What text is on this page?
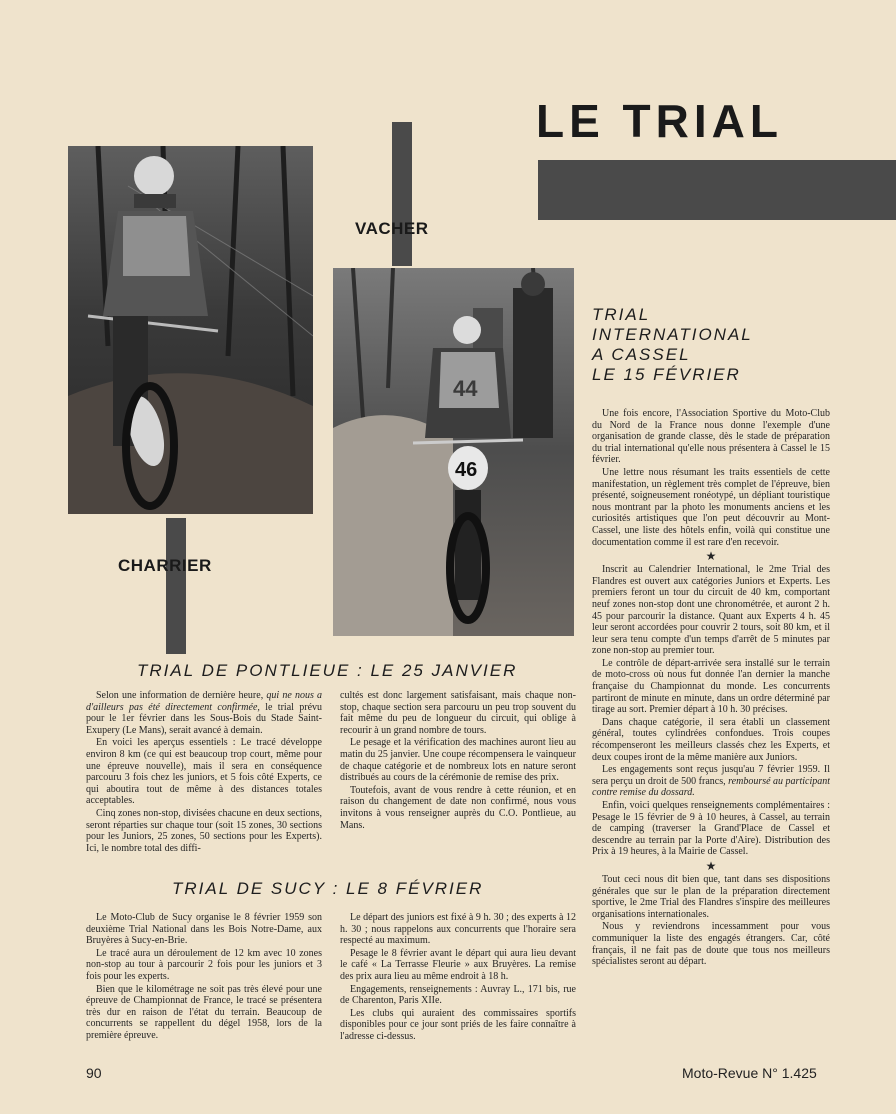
LE TRIAL
CHARRIER
VACHER
44
46
TRIAL
INTERNATIONAL
A CASSEL
LE 15 FÉVRIER

Une fois encore, l'Association Sportive du Moto-Club du Nord de la France nous donne l'exemple d'une organisation de grande classe, dès le stade de préparation du trial international qu'elle nous présentera à Cassel le 15 février.

Une lettre nous résumant les traits essentiels de cette manifestation, un règlement très complet de l'épreuve, bien présenté, soigneusement ronéotypé, un dépliant touristique nous montrant par la photo les monuments anciens et les curiosités artistiques que l'on peut découvrir au Mont-Cassel, une liste des hôtels enfin, voilà qui constitue une documentation comme il est rare d'en recevoir.

★

Inscrit au Calendrier International, le 2me Trial des Flandres est ouvert aux catégories Juniors et Experts. Les premiers feront un tour du circuit de 40 km, comportant neuf zones non-stop dont une chronométrée, et auront 2 h. 45 pour parcourir la distance. Quant aux Experts 4 h. 45 leur seront accordées pour couvrir 2 tours, soit 80 km, et il leur sera tenu compte d'un temps d'arrêt de 5 minutes par zone non-stop au premier tour.

Le contrôle de départ-arrivée sera installé sur le terrain de moto-cross où nous fut donnée l'an dernier la manche française du Championnat du monde. Les concurrents partiront de minute en minute, dans un ordre déterminé par tirage au sort. Premier départ à 10 h. 30 précises.

Dans chaque catégorie, il sera établi un classement général, toutes cylindrées confondues. Trois coupes récompenseront les meilleurs classés chez les Experts, et deux coupes iront de la même manière aux Juniors.

Les engagements sont reçus jusqu'au 7 février 1959. Il sera perçu un droit de 500 francs, remboursé au participant contre remise du dossard.

Enfin, voici quelques renseignements complémentaires : Pesage le 15 février de 9 à 10 heures, à Cassel, au terrain de camping (traverser la Grand'Place de Cassel et descendre au terrain par la Porte d'Aire). Distribution des Prix à 19 heures, à la Mairie de Cassel.

★

Tout ceci nous dit bien que, tant dans ses dispositions générales que sur le plan de la préparation directement sportive, le 2me Trial des Flandres s'inspire des meilleures organisations internationales.

Nous y reviendrons incessamment pour vous communiquer la liste des engagés étrangers. Car, côté français, il ne fait pas de doute que tous nos meilleurs spécialistes seront au départ.

TRIAL DE PONTLIEUE : LE 25 JANVIER

Selon une information de dernière heure, qui ne nous a d'ailleurs pas été directement confirmée, le trial prévu pour le 1er février dans les Sous-Bois du Stade Saint-Exupery (Le Mans), serait avancé à demain.

En voici les aperçus essentiels : Le tracé développe environ 8 km (ce qui est beaucoup trop court, même pour une épreuve nouvelle), mais il sera en conséquence parcouru 3 fois chez les juniors, et 5 fois côté Experts, ce qui aboutira tout de même à des distances totales acceptables.

Cinq zones non-stop, divisées chacune en deux sections, seront réparties sur chaque tour (soit 15 zones, 30 sections pour les Juniors, 25 zones, 50 sections pour les Experts). Ici, le nombre total des diffi-

cultés est donc largement satisfaisant, mais chaque non-stop, chaque section sera parcouru un peu trop souvent du fait même du peu de longueur du circuit, qui oblige à recourir à un grand nombre de tours.

Le pesage et la vérification des machines auront lieu au matin du 25 janvier. Une coupe récompensera le vainqueur de chaque catégorie et de nombreux lots en nature seront distribués au cours de la cérémonie de remise des prix.

Toutefois, avant de vous rendre à cette réunion, et en raison du changement de date non confirmé, nous vous invitons à vous renseigner auprès du C.O. Pontlieue, au Mans.

TRIAL DE SUCY : LE 8 FÉVRIER

Le Moto-Club de Sucy organise le 8 février 1959 son deuxième Trial National dans les Bois Notre-Dame, aux Bruyères à Sucy-en-Brie.

Le tracé aura un déroulement de 12 km avec 10 zones non-stop au tour à parcourir 2 fois pour les juniors et 3 fois pour les experts.

Bien que le kilométrage ne soit pas très élevé pour une épreuve de Championnat de France, le tracé se présentera très dur en raison de l'état du terrain. Beaucoup de concurrents se rappellent du dégel 1958, lors de la première épreuve.

Le départ des juniors est fixé à 9 h. 30 ; des experts à 12 h. 30 ; nous rappelons aux concurrents que l'horaire sera respecté au maximum.

Pesage le 8 février avant le départ qui aura lieu devant le café « La Terrasse Fleurie » aux Bruyères. La remise des prix aura lieu au même endroit à 18 h.

Engagements, renseignements : Auvray L., 171 bis, rue de Charenton, Paris XIIe.

Les clubs qui auraient des commissaires sportifs disponibles pour ce jour sont priés de les faire connaître à l'adresse ci-dessus.

90	Moto-Revue N° 1.425
